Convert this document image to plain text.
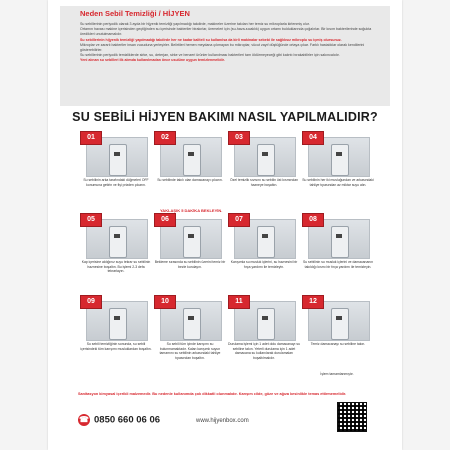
Neden Sebil Temizliği / HİJYEN

Su sebillerinin periyodik olarak 3 ayda bir hijyenik temizliği yapılmadığı takdirde, makineler üzerine takılan her temiz su mikroplarla kirlenmiş olur.

Ortamın havası makine içerisinden geçtiğinden su içerisinde bakteriler birakırlar, üremeleri için (su-hava-sıcaklık) uygun ortamı bulduklarında çoğalırlar. Bir kısım bakterilerinde soğukta üredikleri unutulmamalıdır.

Su sebillerinin hijyenik temizliği yapılmadığı takdirde her ne kadar kaliteli su kullanılsa da kirli makinalar sebebi ile sağlıksız mikroplu su içmiş olursunuz.

Mikroplar ve zararlı bakteriler insan vucuduna yerleşirler. Belirtileri hemen meydana çıkmayan bu mikroplar, vücut zayıf düştüğünde ortaya çıkar. Farklı hastalıklar olarak kendilerini gösterebilirler.

Su sebillerinin periyodik temizliklerde sirke, su, deterjan, sirke ve benzeri ürünler kullanılması bakterileri tam öldürmeyeceği gibi kalıntı bırakabilirler için sakıncalıdır.

Yeni alınan su sebilleri ilk alımda kullanılmadan önce usulüne uygun temizlenmelidir.

SU SEBİLİ HİJYEN BAKIMI NASIL YAPILMALIDIR?
01
Su sebilinin arka tarafındaki düğmeleri OFF konumuna getirin ve fişi prizden çıkarın.
02
Su sebilinde takılı olan damacanayı çıkarın.
03
Özel temizlik sıvısını su sebilin üst kısmından hazneye boşaltın.
04
Su sebilinin her iki musluğundan ve arkasındaki tahliye tıpasından az miktar suyu alın.
05
Kap içerisine aldığınız suyu tekrar su sebilinin haznesine boşaltın. Bu işlemi 2-3 defa tekrarlayın.
06
Bekleme sırasında su sebilinin üzerini temiz bir bezle kurulayın.
07
Karışımla su musluk içlerini, su haznesini bir fırça yardımı ile temizleyin.
08
Su sebilinin su musluk içlerini ve damacananın takıldığı kısmı bir fırça yardımı ile temizleyin.
09
Su sebili temizliğinin sonunda, su sebili içerisindeki tüm karışımı musluklardan boşaltın.
10
Su sebili tüm içinde karışımı su bulunmamaktadır. Kalan karışımlı suyun tamamını su sebilinin arkasındaki tahliye tıpasından boşaltın.
11
Durulama işlemi için 1 adet dolu damacanayı su sebiline takın. Yeterli durulama için 1 adet damacana su kullanılarak durulamaları boşaltılmalıdır.
12
Temiz damacanayı su sebiline takın.
YAKLAŞIK 5 DAKİKA BEKLEYİN.
İşlem tamamlanmıştır.
Sanitasyon kimyasal içerikli malzemedir. Bu nedenle kullanımda çok dikkatli olunmalıdır. Karışım cilde, göze ve ağıza kesinlikle temas ettirmemelidir.
☎ 0850 660 06 06	www.hijyenbox.com
